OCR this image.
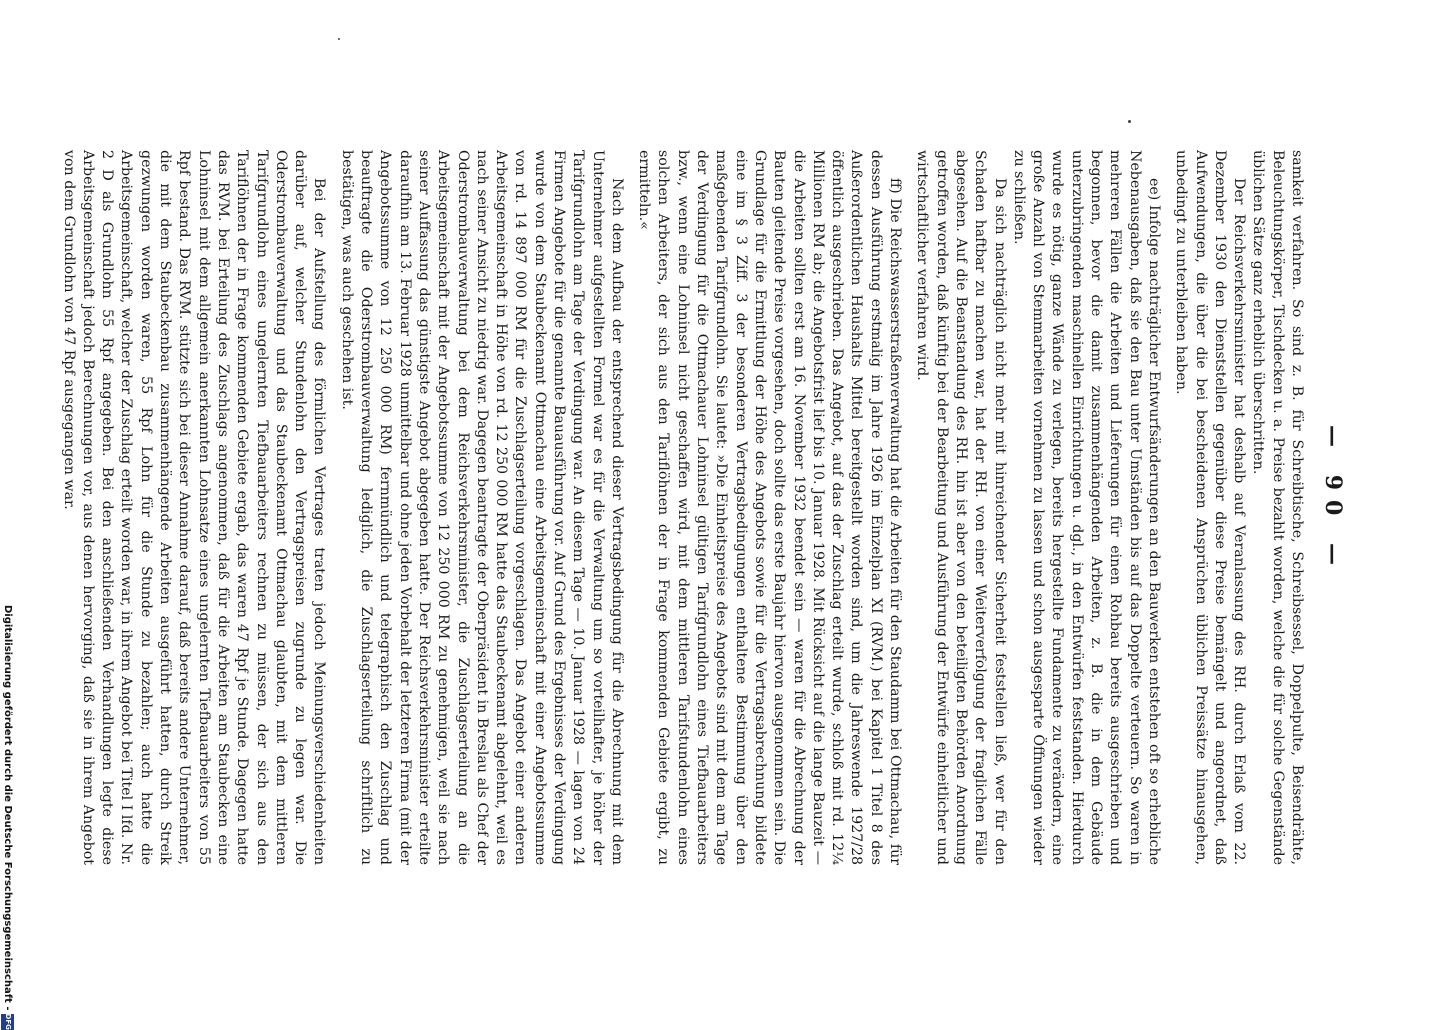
— 90 —

samkeit verfahren. So sind z. B. für Schreibtische, Schreibsessel, Doppelpulte, Beisendrähte, Beleuchtungskörper, Tischdecken u. a. Preise bezahlt worden, welche die für solche Gegenstände üblichen Sätze ganz erheblich überschritten.

Der Reichsverkehrsminister hat deshalb auf Veranlassung des RH. durch Erlaß vom 22. Dezember 1930 den Dienststellen gegenüber diese Preise bemängelt und angeordnet, daß Aufwendungen, die über die bei bescheidenen Ansprüchen üblichen Preissätze hinausgehen, unbedingt zu unterbleiben haben.

ee) Infolge nachträglicher Entwurfsänderungen an den Bauwerken entstehen oft so erhebliche Nebenausgaben, daß sie den Bau unter Umständen bis auf das Doppelte verteuern. So waren in mehreren Fällen die Arbeiten und Lieferungen für einen Rohbau bereits ausgeschrieben und begonnen, bevor die damit zusammenhängenden Arbeiten, z. B. die in dem Gebäude unterzubringenden maschinellen Einrichtungen u. dgl., in den Entwürfen feststanden. Hierdurch wurde es nötig, ganze Wände zu verlegen, bereits hergestellte Fundamente zu verändern, eine große Anzahl von Stemmarbeiten vornehmen zu lassen und schon ausgesparte Öffnungen wieder zu schließen.

Da sich nachträglich nicht mehr mit hinreichender Sicherheit feststellen ließ, wer für den Schaden haftbar zu machen war, hat der RH. von einer Weiterverfolgung der fraglichen Fälle abgesehen. Auf die Beanstandung des RH. hin ist aber von den beteiligten Behörden Anordnung getroffen worden, daß künftig bei der Bearbeitung und Ausführung der Entwürfe einheitlicher und wirtschaftlicher verfahren wird.

ff) Die Reichswasserstraßenverwaltung hat die Arbeiten für den Staudamm bei Ottmachau, für dessen Ausführung erstmalig im Jahre 1926 im Einzelplan XI (RVM.) bei Kapitel 1 Titel 8 des Außerordentlichen Haushalts Mittel bereitgestellt worden sind, um die Jahreswende 1927/28 öffentlich ausgeschrieben. Das Angebot, auf das der Zuschlag erteilt wurde, schloß mit rd. 12¼ Millionen RM ab; die Angebotsfrist lief bis 10. Januar 1928. Mit Rücksicht auf die lange Bauzeit — die Arbeiten sollten erst am 16. November 1932 beendet sein — waren für die Abrechnung der Bauten gleitende Preise vorgesehen, doch sollte das erste Baujahr hiervon ausgenommen sein. Die Grundlage für die Ermittlung der Höhe des Angebots sowie für die Vertragsabrechnung bildete eine im § 3 Ziff. 3 der besonderen Vertragsbedingungen enthaltene Bestimmung über den maßgebenden Tarifgrundlohn. Sie lautet: »Die Einheitspreise des Angebots sind mit dem am Tage der Verdingung für die Ottmachauer Lohninsel gültigen Tarifgrundlohn eines Tiefbauarbeiters bzw., wenn eine Lohninsel nicht geschaffen wird, mit dem mittleren Tarifstundenlohn eines solchen Arbeiters, der sich aus den Tariflöhnen der in Frage kommenden Gebiete ergibt, zu ermitteln.«

Nach dem Aufbau der entsprechend dieser Vertragsbedingung für die Abrechnung mit dem Unternehmer aufgestellten Formel war es für die Verwaltung um so vorteilhafter, je höher der Tarifgrundlohn am Tage der Verdingung war. An diesem Tage — 10. Januar 1928 — lagen von 24 Firmen Angebote für die genannte Bauausführung vor. Auf Grund des Ergebnisses der Verdingung wurde von dem Staubeckenamt Ottmachau eine Arbeitsgemeinschaft mit einer Angebotssumme von rd. 14 897 000 RM für die Zuschlagserteilung vorgeschlagen. Das Angebot einer anderen Arbeitsgemeinschaft in Höhe von rd. 12 250 000 RM hatte das Staubeckenamt abgelehnt, weil es nach seiner Ansicht zu niedrig war. Dagegen beantragte der Oberpräsident in Breslau als Chef der Oderstrombauverwaltung bei dem Reichsverkehrsminister, die Zuschlagserteilung an die Arbeitsgemeinschaft mit der Angebotssumme von 12 250 000 RM zu genehmigen, weil sie nach seiner Auffassung das günstigste Angebot abgegeben hatte. Der Reichsverkehrsminister erteilte daraufhin am 13. Februar 1928 unmittelbar und ohne jeden Vorbehalt der letzteren Firma (mit der Angebotssumme von 12 250 000 RM) fernmündlich und telegraphisch den Zuschlag und beauftragte die Oderstrombauverwaltung lediglich, die Zuschlagserteilung schriftlich zu bestätigen, was auch geschehen ist.

Bei der Aufstellung des förmlichen Vertrages traten jedoch Meinungsverschiedenheiten darüber auf, welcher Stundenlohn den Vertragspreisen zugrunde zu legen war. Die Oderstrombauverwaltung und das Staubeckenamt Ottmachau glaubten, mit dem mittleren Tarifgrundlohn eines ungelernten Tiefbauarbeiters rechnen zu müssen, der sich aus den Tariflöhnen der in Frage kommenden Gebiete ergab, das waren 47 Rpf je Stunde. Dagegen hatte das RVM. bei Erteilung des Zuschlags angenommen, daß für die Arbeiten am Staubecken eine Lohninsel mit dem allgemein anerkannten Lohnsatze eines ungelernten Tiefbauarbeiters von 55 Rpf bestand. Das RVM. stützte sich bei dieser Annahme darauf, daß bereits andere Unternehmer, die mit dem Staubeckenbau zusammenhängende Arbeiten ausgeführt hatten, durch Streik gezwungen worden waren, 55 Rpf Lohn für die Stunde zu bezahlen; auch hatte die Arbeitsgemeinschaft, welcher der Zuschlag erteilt worden war, in ihrem Angebot bei Titel I lfd. Nr. 2 D als Grundlohn 55 Rpf angegeben. Bei den anschließenden Verhandlungen legte diese Arbeitsgemeinschaft jedoch Berechnungen vor, aus denen hervorging, daß sie in ihrem Angebot von dem Grundlohn von 47 Rpf ausgegangen war.

Digitalisierung gefördert durch die Deutsche Forschungsgemeinschaft -
DFG
